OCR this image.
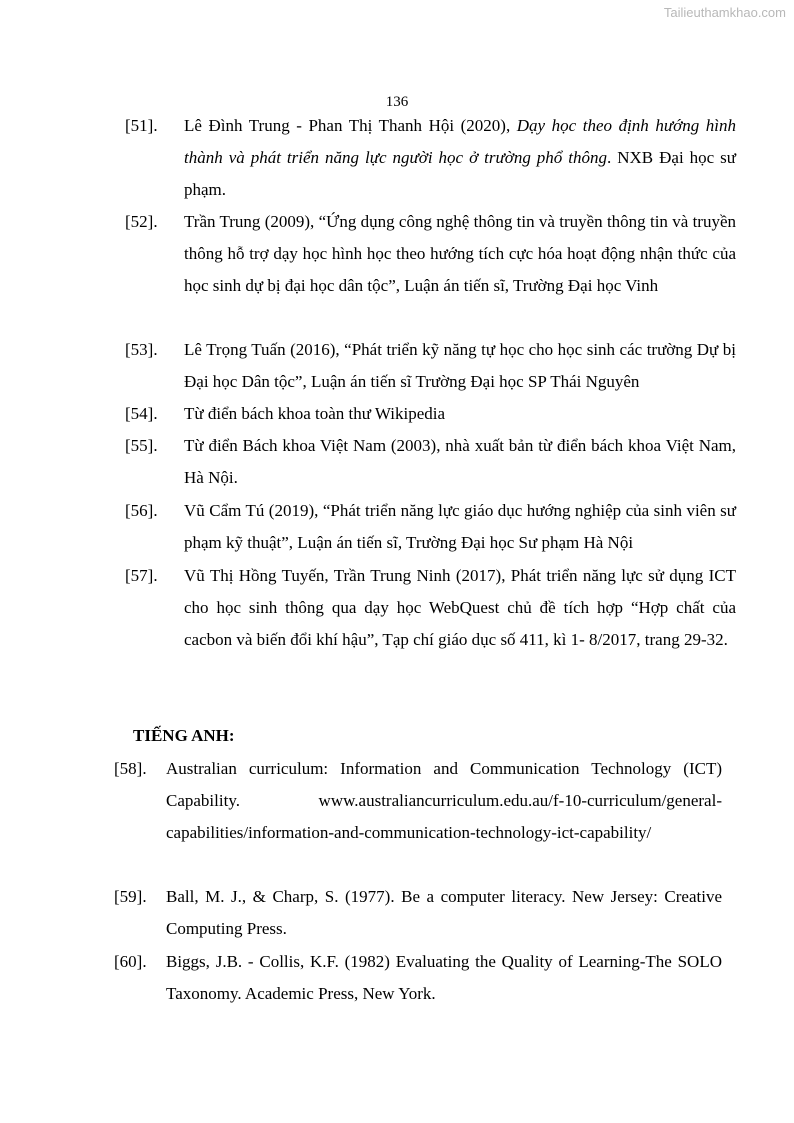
Tailieuthamkhao.com
136
[51]. Lê Đình Trung - Phan Thị Thanh Hội (2020), Dạy học theo định hướng hình thành và phát triển năng lực người học ở trường phổ thông. NXB Đại học sư phạm.
[52]. Trần Trung (2009), “Ứng dụng công nghệ thông tin và truyền thông tin và truyền thông hỗ trợ dạy học hình học theo hướng tích cực hóa hoạt động nhận thức của học sinh dự bị đại học dân tộc”, Luận án tiến sĩ, Trường Đại học Vinh
[53]. Lê Trọng Tuấn (2016), “Phát triển kỹ năng tự học cho học sinh các trường Dự bị Đại học Dân tộc”, Luận án tiến sĩ Trường Đại học SP Thái Nguyên
[54]. Từ điển bách khoa toàn thư Wikipedia
[55]. Từ điển Bách khoa Việt Nam (2003), nhà xuất bản từ điển bách khoa Việt Nam, Hà Nội.
[56]. Vũ Cẩm Tú (2019), “Phát triển năng lực giáo dục hướng nghiệp của sinh viên sư phạm kỹ thuật”, Luận án tiến sĩ, Trường Đại học Sư phạm Hà Nội
[57]. Vũ Thị Hồng Tuyến, Trần Trung Ninh (2017), Phát triển năng lực sử dụng ICT cho học sinh thông qua dạy học WebQuest chủ đề tích hợp “Hợp chất của cacbon và biến đổi khí hậu”, Tạp chí giáo dục số 411, kì 1- 8/2017, trang 29-32.
TIẾNG ANH:
[58]. Australian curriculum: Information and Communication Technology (ICT) Capability. www.australiancurriculum.edu.au/f-10-curriculum/general-capabilities/information-and-communication-technology-ict-capability/
[59]. Ball, M. J., & Charp, S. (1977). Be a computer literacy. New Jersey: Creative Computing Press.
[60]. Biggs, J.B. - Collis, K.F. (1982) Evaluating the Quality of Learning-The SOLO Taxonomy. Academic Press, New York.
